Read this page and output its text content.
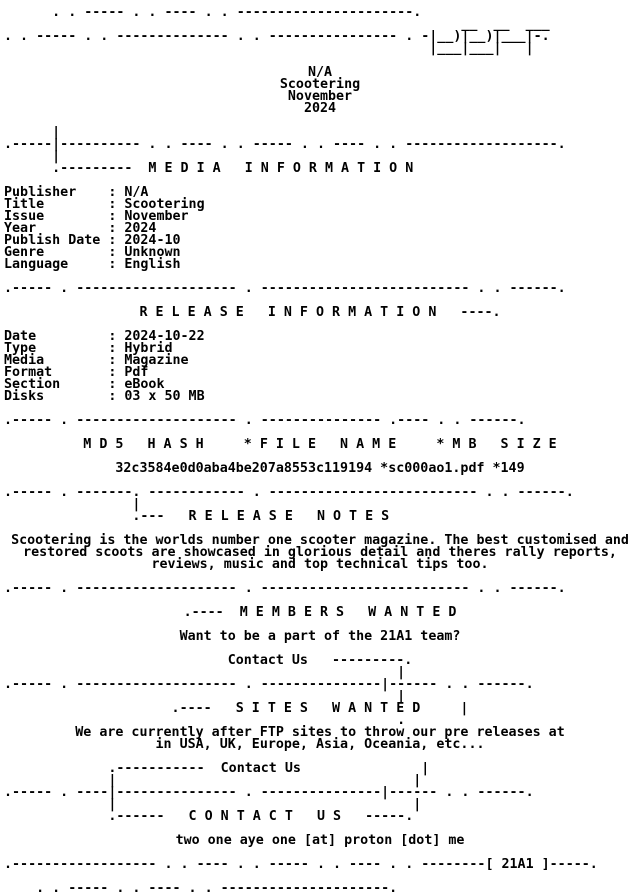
. . ----- . . ---- . . ----------------------.
__  __  ___
. . ----- . . -------------- . . ---------------- . -|__)|__)|___|-.
|___|___|   |
N/A
Scootering
November
2024
|
.-----|---------- . . ---- . . ----- . . ---- . . -------------------.
|
.---------  M E D I A   I N F O R M A T I O N
Publisher    : N/A
Title        : Scootering
Issue        : November
Year         : 2024
Publish Date : 2024-10
Genre        : Unknown
Language     : English
.----- . -------------------- . -------------------------- . . ------.
R E L E A S E   I N F O R M A T I O N   ----.
Date         : 2024-10-22
Type         : Hybrid
Media        : Magazine
Format       : Pdf
Section      : eBook
Disks        : 03 x 50 MB
.----- . -------------------- . --------------- .---- . . ------.
M D 5   H A S H     * F I L E   N A M E     * M B   S I Z E
32c3584e0d0aba4be207a8553c119194 *sc000ao1.pdf *149
.----- . -------. ------------ . -------------------------- . . ------.
|
.---   R E L E A S E   N O T E S
Scootering is the worlds number one scooter magazine. The best customised and
restored scoots are showcased in glorious detail and theres rally reports,
reviews, music and top technical tips too.
.----- . -------------------- . -------------------------- . . ------.
.----  M E M B E R S   W A N T E D
Want to be a part of the 21A1 team?
Contact Us   ---------.
|
.----- . -------------------- . ---------------|------ . . ------.
|
.----   S I T E S   W A N T E D     |
.
We are currently after FTP sites to throw our pre releases at
in USA, UK, Europe, Asia, Oceania, etc...
.-----------  Contact Us               |
|                                     |
.----- . ----|--------------- . ---------------|------ . . ------.
|                                     |
.------   C O N T A C T   U S   -----.
two one aye one [at] proton [dot] me
.------------------ . . ---- . . ----- . . ---- . . --------[ 21A1 ]-----.
. . ----- . . ---- . . ---------------------.
